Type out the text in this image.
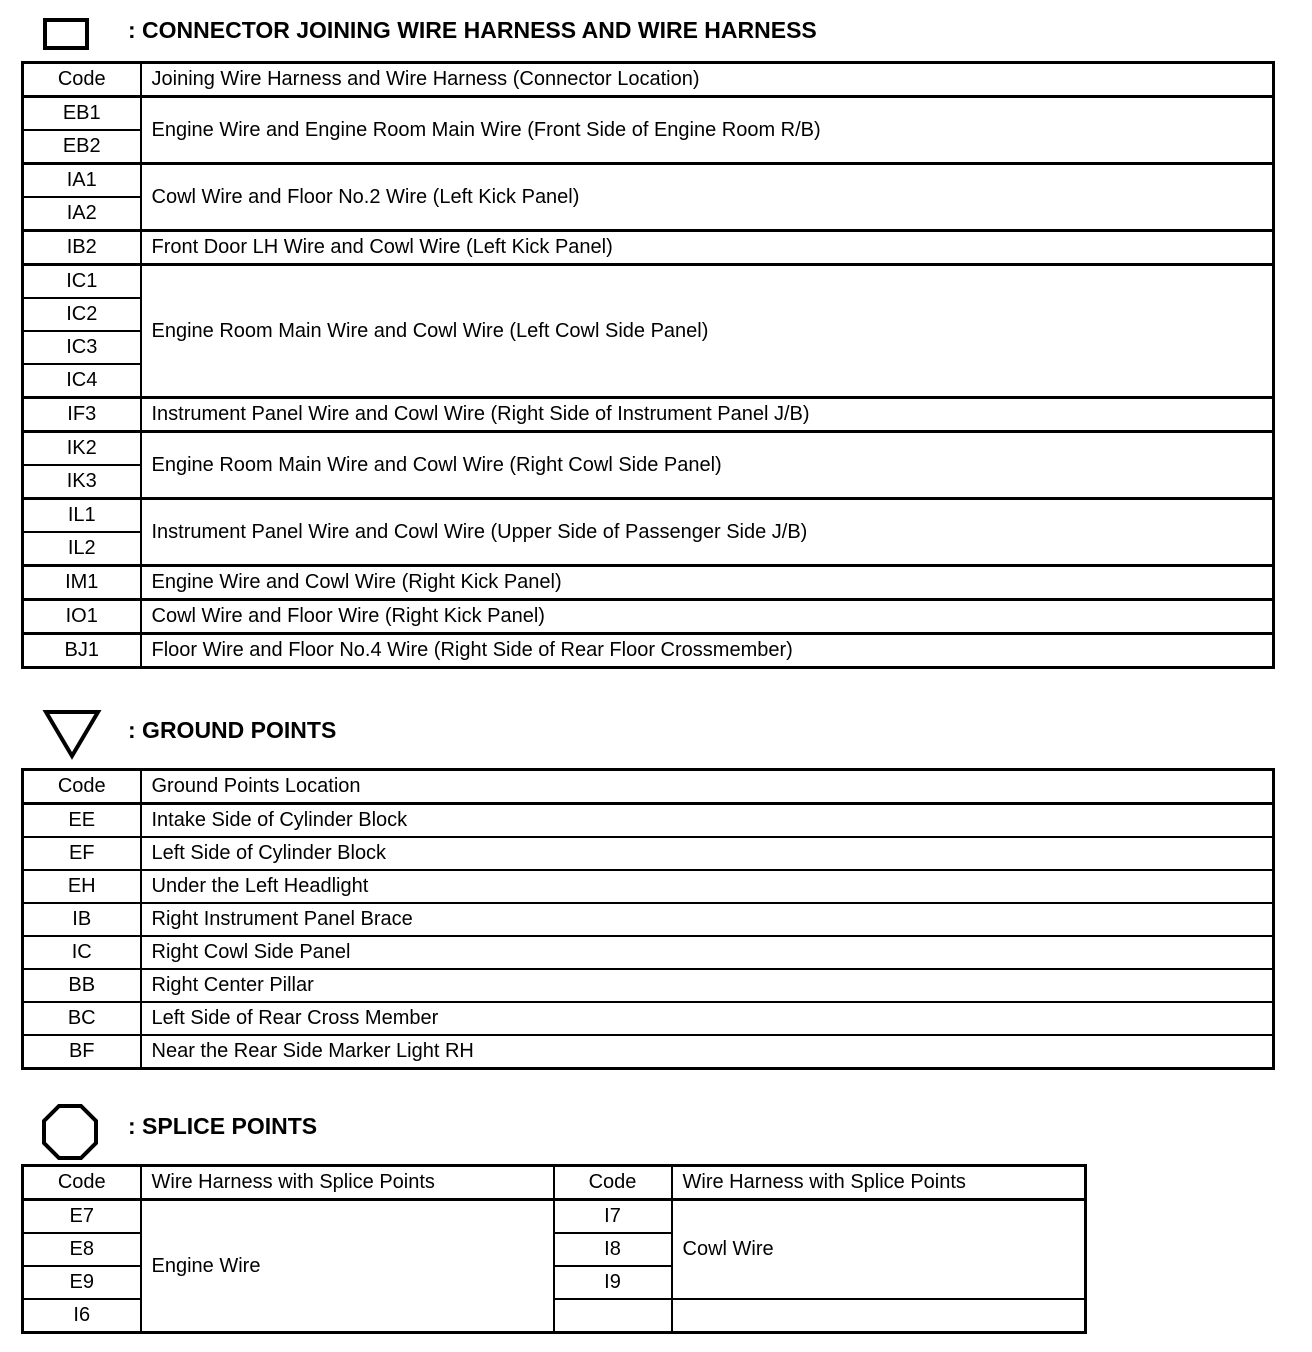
: CONNECTOR JOINING WIRE HARNESS AND WIRE HARNESS
Code	Joining Wire Harness and Wire Harness (Connector Location)
EB1	Engine Wire and Engine Room Main Wire (Front Side of Engine Room R/B)
EB2	
IA1	Cowl Wire and Floor No.2 Wire (Left Kick Panel)
IA2	
IB2	Front Door LH Wire and Cowl Wire (Left Kick Panel)
IC1	Engine Room Main Wire and Cowl Wire (Left Cowl Side Panel)
IC2	
IC3	
IC4	
IF3	Instrument Panel Wire and Cowl Wire (Right Side of Instrument Panel J/B)
IK2	Engine Room Main Wire and Cowl Wire (Right Cowl Side Panel)
IK3	
IL1	Instrument Panel Wire and Cowl Wire (Upper Side of Passenger Side J/B)
IL2	
IM1	Engine Wire and Cowl Wire (Right Kick Panel)
IO1	Cowl Wire and Floor Wire (Right Kick Panel)
BJ1	Floor Wire and Floor No.4 Wire (Right Side of Rear Floor Crossmember)
: GROUND POINTS
Code	Ground Points Location
EE	Intake Side of Cylinder Block
EF	Left Side of Cylinder Block
EH	Under the Left Headlight
IB	Right Instrument Panel Brace
IC	Right Cowl Side Panel
BB	Right Center Pillar
BC	Left Side of Rear Cross Member
BF	Near the Rear Side Marker Light RH
: SPLICE POINTS
Code	Wire Harness with Splice Points	Code	Wire Harness with Splice Points
E7	Engine Wire	I7	Cowl Wire
E8		I8	
E9		I9	
I6			
